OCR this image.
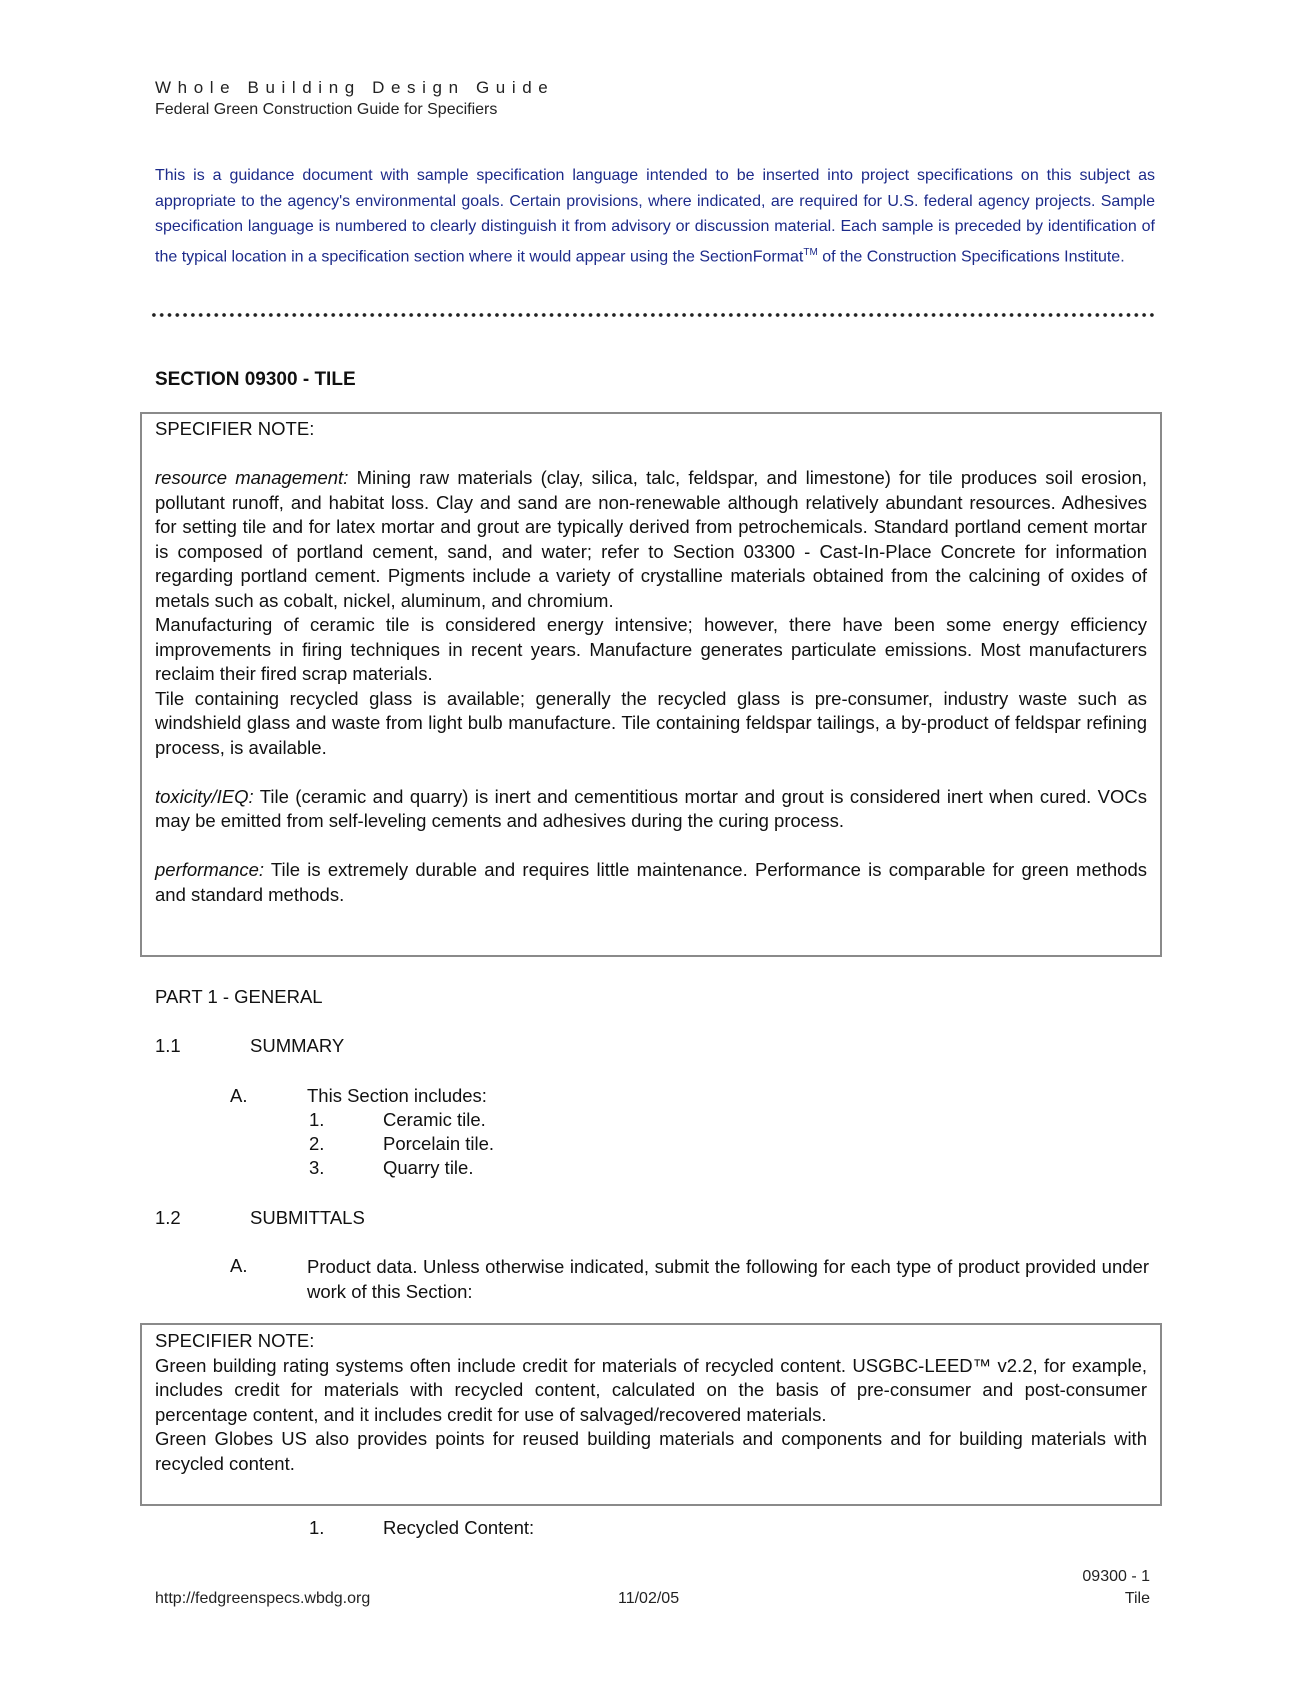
Whole Building Design Guide
Federal Green Construction Guide for Specifiers
This is a guidance document with sample specification language intended to be inserted into project specifications on this subject as appropriate to the agency's environmental goals. Certain provisions, where indicated, are required for U.S. federal agency projects. Sample specification language is numbered to clearly distinguish it from advisory or discussion material. Each sample is preceded by identification of the typical location in a specification section where it would appear using the SectionFormat™ of the Construction Specifications Institute.
SECTION 09300 - TILE

SPECIFIER NOTE:

resource management: Mining raw materials (clay, silica, talc, feldspar, and limestone) for tile produces soil erosion, pollutant runoff, and habitat loss. Clay and sand are non-renewable although relatively abundant resources. Adhesives for setting tile and for latex mortar and grout are typically derived from petrochemicals. Standard portland cement mortar is composed of portland cement, sand, and water; refer to Section 03300 - Cast-In-Place Concrete for information regarding portland cement. Pigments include a variety of crystalline materials obtained from the calcining of oxides of metals such as cobalt, nickel, aluminum, and chromium.

Manufacturing of ceramic tile is considered energy intensive; however, there have been some energy efficiency improvements in firing techniques in recent years. Manufacture generates particulate emissions. Most manufacturers reclaim their fired scrap materials.

Tile containing recycled glass is available; generally the recycled glass is pre-consumer, industry waste such as windshield glass and waste from light bulb manufacture. Tile containing feldspar tailings, a by-product of feldspar refining process, is available.

toxicity/IEQ: Tile (ceramic and quarry) is inert and cementitious mortar and grout is considered inert when cured. VOCs may be emitted from self-leveling cements and adhesives during the curing process.

performance: Tile is extremely durable and requires little maintenance. Performance is comparable for green methods and standard methods.

PART 1 - GENERAL
1.1	SUMMARY
A.	This Section includes:
1.	Ceramic tile.
2.	Porcelain tile.
3.	Quarry tile.
1.2	SUBMITTALS
A.	Product data. Unless otherwise indicated, submit the following for each type of product provided under work of this Section:

SPECIFIER NOTE:

Green building rating systems often include credit for materials of recycled content. USGBC-LEED™ v2.2, for example, includes credit for materials with recycled content, calculated on the basis of pre-consumer and post-consumer percentage content, and it includes credit for use of salvaged/recovered materials.

Green Globes US also provides points for reused building materials and components and for building materials with recycled content.

1.	Recycled Content:
http://fedgreenspecs.wbdg.org	11/02/05
09300 - 1
Tile
